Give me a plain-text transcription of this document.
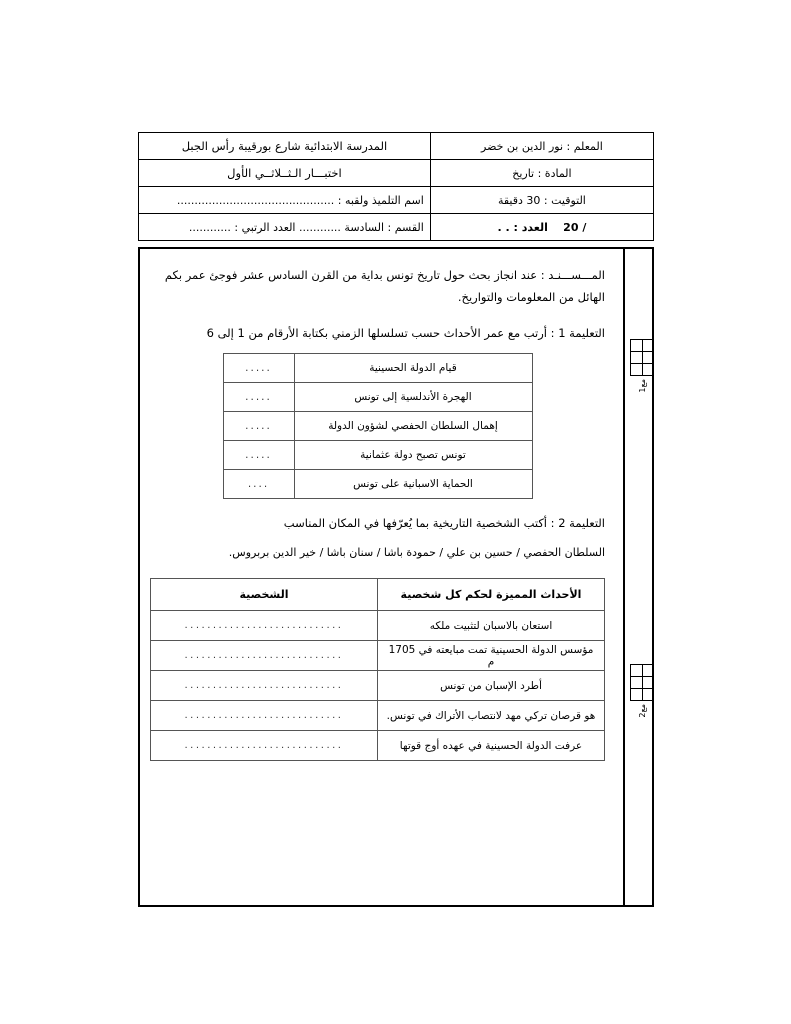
المعلم : نور الدين بن خضر	المدرسة الابتدائية شارع بورقيبة رأس الجبل
المادة : تاريخ	اختبـــار الـثــلاثــي الأول
التوقيت : 30 دقيقة	اسم التلميذ ولقبه : .............................................
/ 20    العدد : . .	القسم : السادسة ............ العدد الرتبي : ............
المـــســـنـد : عند انجاز بحث حول تاريخ تونس بداية من القرن السادس عشر فوجئ عمر بكم الهائل من المعلومات والتواريخ.
التعليمة 1 : أرتب مع عمر الأحداث حسب تسلسلها الزمني بكتابة الأرقام من 1 إلى 6
قيام الدولة الحسينية	.....
الهجرة الأندلسية إلى تونس	.....
إهمال السلطان الحفصي لشؤون الدولة	.....
تونس تصبح دولة عثمانية	.....
الحماية الاسبانية على تونس	....
التعليمة 2 : أكتب الشخصية التاريخية بما يُعرّفها في المكان المناسب
السلطان الحفصي / حسين بن علي / حمودة باشا / سنان باشا / خير الدين بربروس.
الأحداث المميزة لحكم كل شخصية	الشخصية
استعان بالاسبان لتثبيت ملكه	............................
مؤسس الدولة الحسينية تمت مبايعته في 1705 م	............................
أطرد الإسبان من تونس	............................
هو قرصان تركي مهد لانتصاب الأتراك في تونس.	............................
عرفت الدولة الحسينية في عهده أوج قوتها	............................

مع1

مع2
